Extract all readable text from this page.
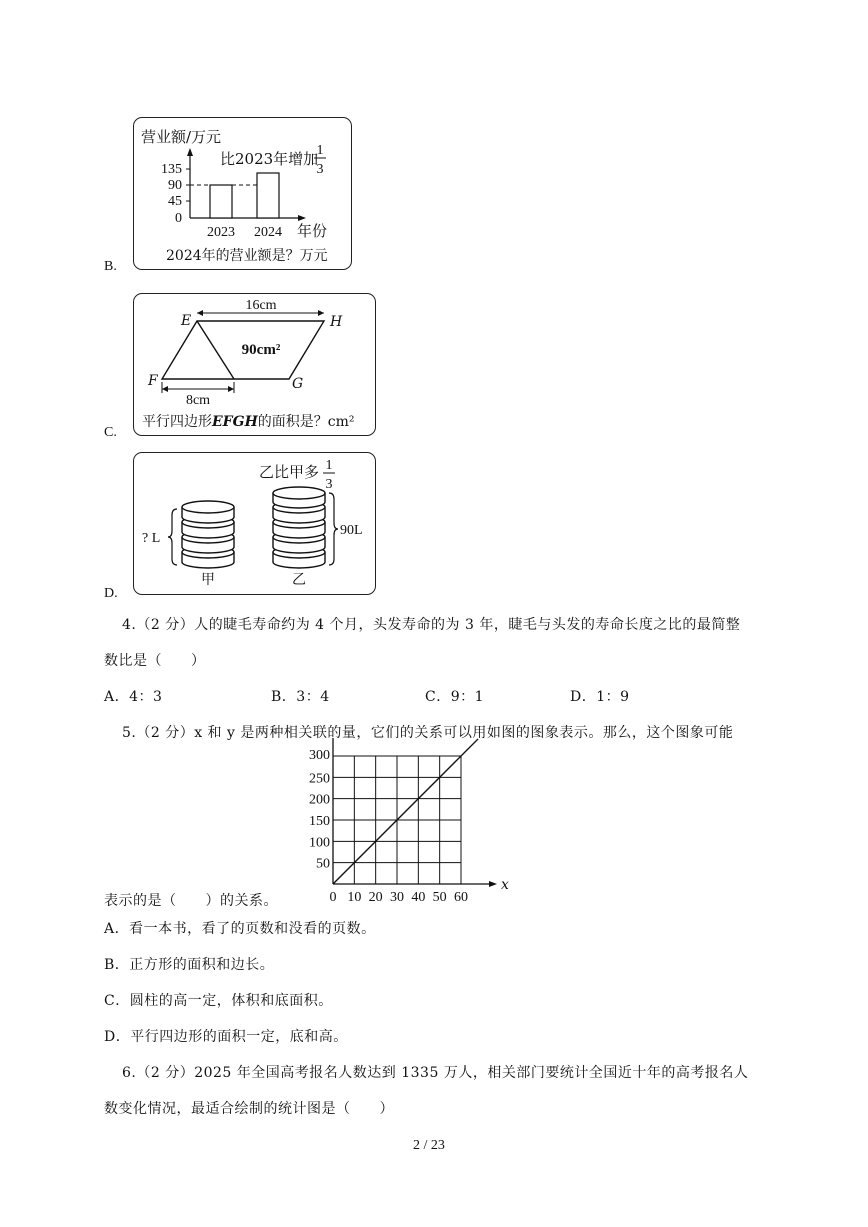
B.
营业额/万元
135
90
45
0
比2023年增加
1
3
2023 2024 年份
2024年的营业额是？万元
C.
16cm
E	H
F	G
90cm²
8cm
平行四边形EFGH的面积是？cm²
D.
乙比甲多 1
3
? L
甲
90L
乙
4.（2 分）人的睫毛寿命约为 4 个月，头发寿命的为 3 年，睫毛与头发的寿命长度之比的最简整
数比是（　　）
A．4：3	B．3：4	C．9：1	D．1：9
5.（2 分）x 和 y 是两种相关联的量，它们的关系可以用如图的图象表示。那么，这个图象可能
0 10 20 30 40 50 60
50
100
150
200
250
300
x
表示的是（　　）的关系。
A．看一本书，看了的页数和没看的页数。
B．正方形的面积和边长。
C．圆柱的高一定，体积和底面积。
D．平行四边形的面积一定，底和高。
6.（2 分）2025 年全国高考报名人数达到 1335 万人，相关部门要统计全国近十年的高考报名人
数变化情况，最适合绘制的统计图是（　　）
2 / 23
